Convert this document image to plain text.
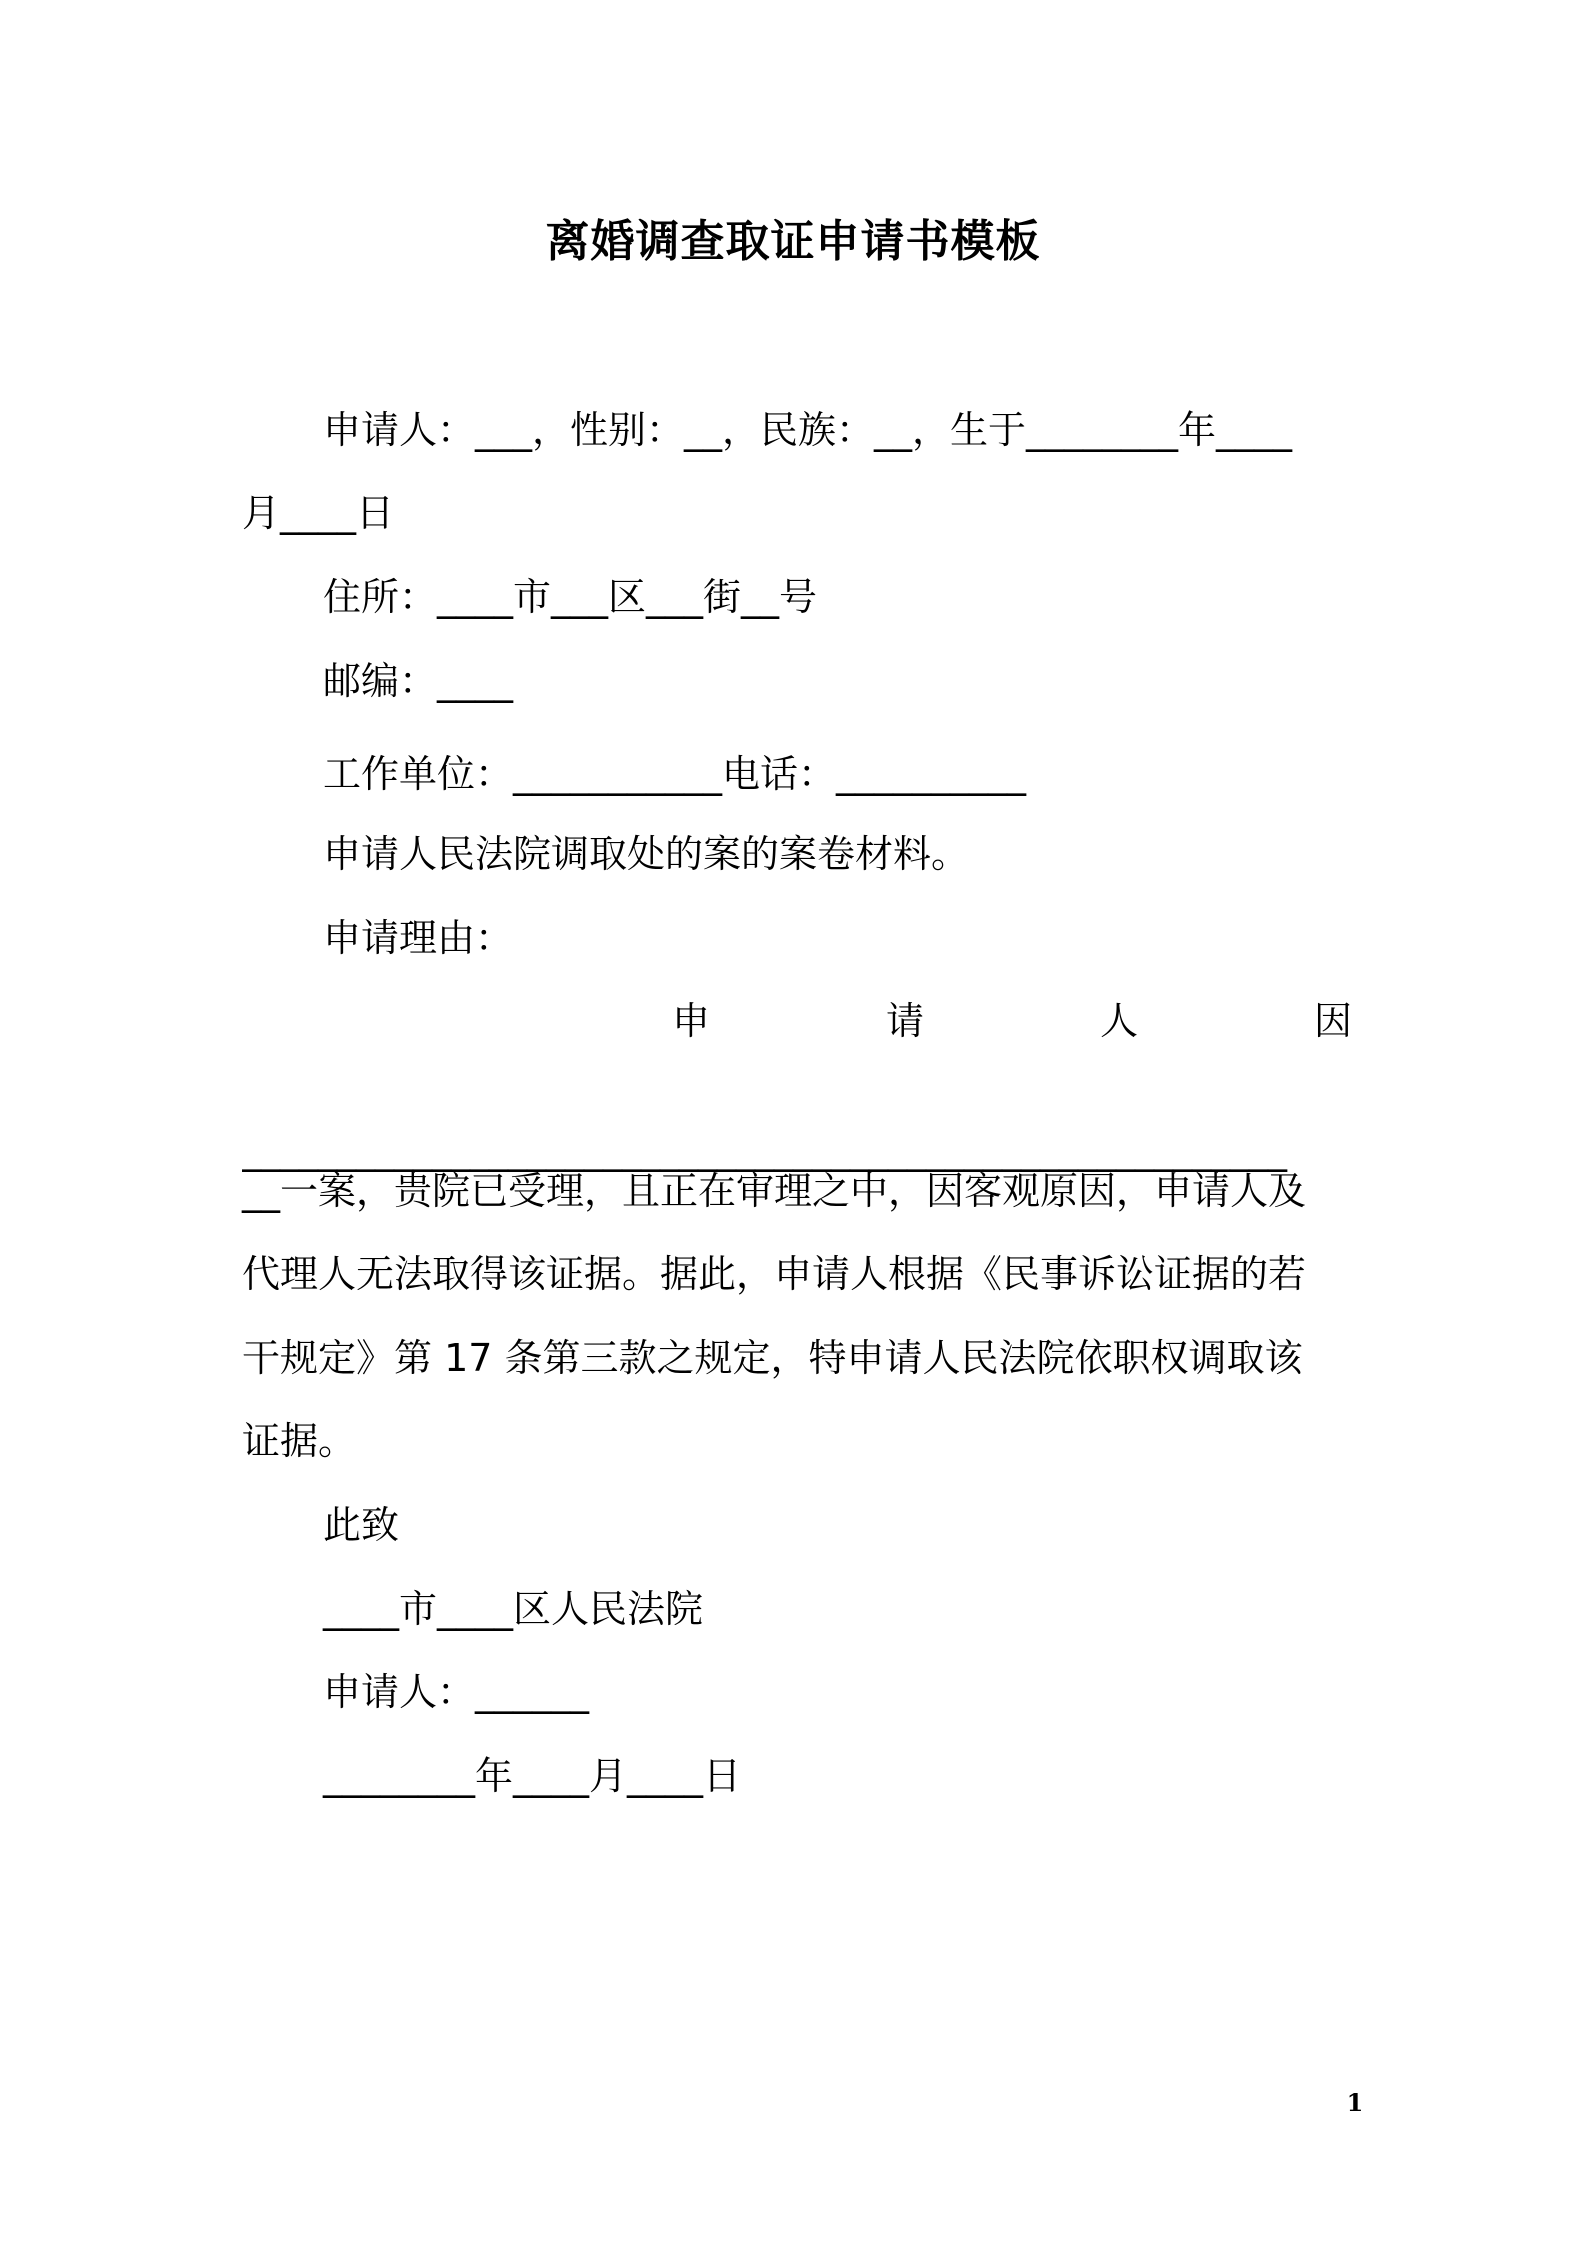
离婚调查取证申请书模板
申请人：___，性别：__，民族：__，生于________年____
月____日
住所：____市___区___街__号
邮编：____
工作单位：___________电话：__________
申请人民法院调取处的案的案卷材料。
申请理由：
申	请	人	因
_______________________________________________________
__一案，贵院已受理，且正在审理之中，因客观原因，申请人及
代理人无法取得该证据。据此，申请人根据《民事诉讼证据的若
干规定》第 17 条第三款之规定，特申请人民法院依职权调取该
证据。
此致
____市____区人民法院
申请人：______
________年____月____日
1
